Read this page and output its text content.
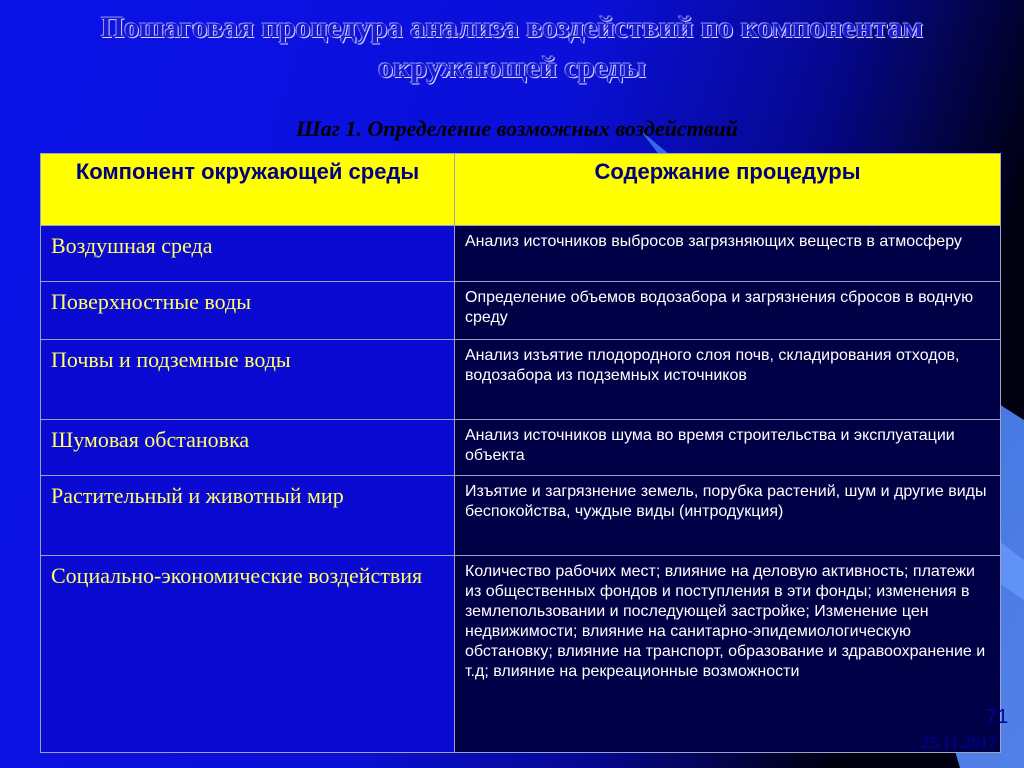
Пошаговая процедура анализа воздействий по компонентам окружающей среды
Шаг 1. Определение возможных воздействий
Компонент окружающей среды	Содержание процедуры
Воздушная среда	Анализ источников выбросов загрязняющих веществ в атмосферу
Поверхностные воды	Определение объемов водозабора и загрязнения сбросов в водную среду
Почвы и подземные воды	Анализ изъятие плодородного слоя почв, складирования отходов, водозабора из подземных источников
Шумовая обстановка	Анализ источников шума во время строительства и эксплуатации объекта
Растительный и животный мир	Изъятие и загрязнение земель, порубка растений, шум и другие виды беспокойства, чуждые виды (интродукция)
Социально-экономические воздействия	Количество рабочих мест; влияние на деловую активность; платежи из общественных фондов и поступления в эти фонды; изменения в землепользовании и последующей застройке; Изменение цен недвижимости; влияние на санитарно-эпидемиологическую обстановку; влияние на транспорт, образование и здравоохранение и т.д; влияние на рекреационные возможности
71
25.11.2017
